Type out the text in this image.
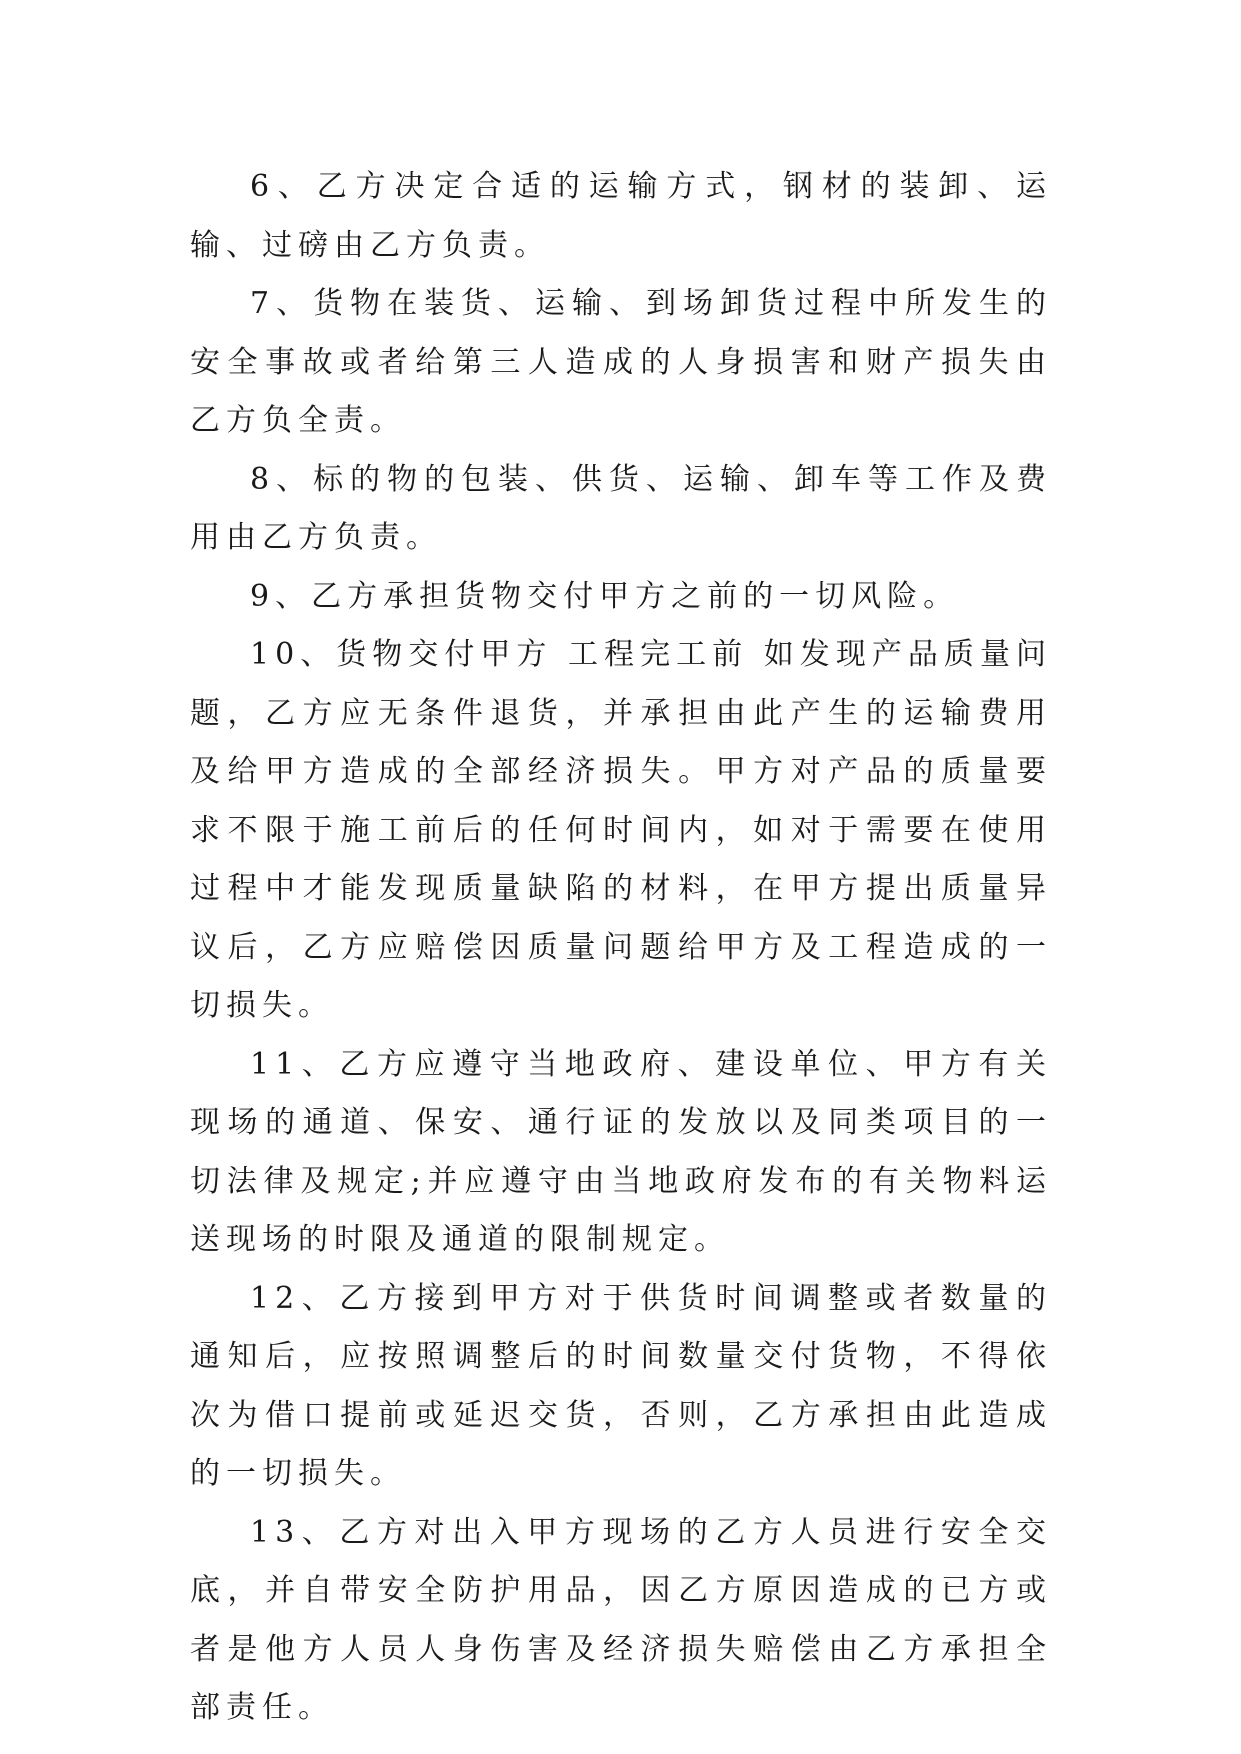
6、乙方决定合适的运输方式，钢材的装卸、运输、过磅由乙方负责。

7、货物在装货、运输、到场卸货过程中所发生的安全事故或者给第三人造成的人身损害和财产损失由乙方负全责。

8、标的物的包装、供货、运输、卸车等工作及费用由乙方负责。

9、乙方承担货物交付甲方之前的一切风险。

10、货物交付甲方 工程完工前 如发现产品质量问题，乙方应无条件退货，并承担由此产生的运输费用及给甲方造成的全部经济损失。甲方对产品的质量要求不限于施工前后的任何时间内，如对于需要在使用过程中才能发现质量缺陷的材料，在甲方提出质量异议后，乙方应赔偿因质量问题给甲方及工程造成的一切损失。

11、乙方应遵守当地政府、建设单位、甲方有关现场的通道、保安、通行证的发放以及同类项目的一切法律及规定;并应遵守由当地政府发布的有关物料运送现场的时限及通道的限制规定。

12、乙方接到甲方对于供货时间调整或者数量的通知后，应按照调整后的时间数量交付货物，不得依次为借口提前或延迟交货，否则，乙方承担由此造成的一切损失。

13、乙方对出入甲方现场的乙方人员进行安全交底，并自带安全防护用品，因乙方原因造成的已方或者是他方人员人身伤害及经济损失赔偿由乙方承担全部责任。
